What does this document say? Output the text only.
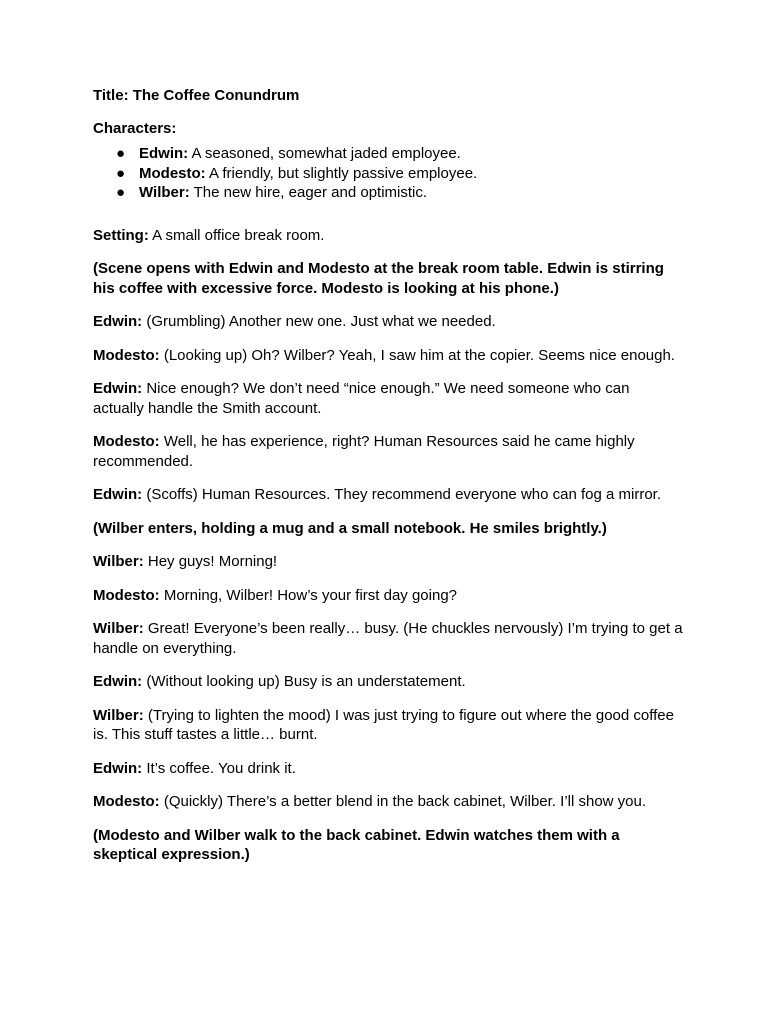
Title: The Coffee Conundrum

Characters:

● Edwin: A seasoned, somewhat jaded employee.
● Modesto: A friendly, but slightly passive employee.
● Wilber: The new hire, eager and optimistic.

Setting: A small office break room.

(Scene opens with Edwin and Modesto at the break room table. Edwin is stirring his coffee with excessive force. Modesto is looking at his phone.)

Edwin: (Grumbling) Another new one. Just what we needed.

Modesto: (Looking up) Oh? Wilber? Yeah, I saw him at the copier. Seems nice enough.

Edwin: Nice enough? We don’t need “nice enough.” We need someone who can actually handle the Smith account.

Modesto: Well, he has experience, right? Human Resources said he came highly recommended.

Edwin: (Scoffs) Human Resources. They recommend everyone who can fog a mirror.

(Wilber enters, holding a mug and a small notebook. He smiles brightly.)

Wilber: Hey guys! Morning!

Modesto: Morning, Wilber! How’s your first day going?

Wilber: Great! Everyone’s been really… busy. (He chuckles nervously) I’m trying to get a handle on everything.

Edwin: (Without looking up) Busy is an understatement.

Wilber: (Trying to lighten the mood) I was just trying to figure out where the good coffee is. This stuff tastes a little… burnt.

Edwin: It’s coffee. You drink it.

Modesto: (Quickly) There’s a better blend in the back cabinet, Wilber. I’ll show you.

(Modesto and Wilber walk to the back cabinet. Edwin watches them with a skeptical expression.)
